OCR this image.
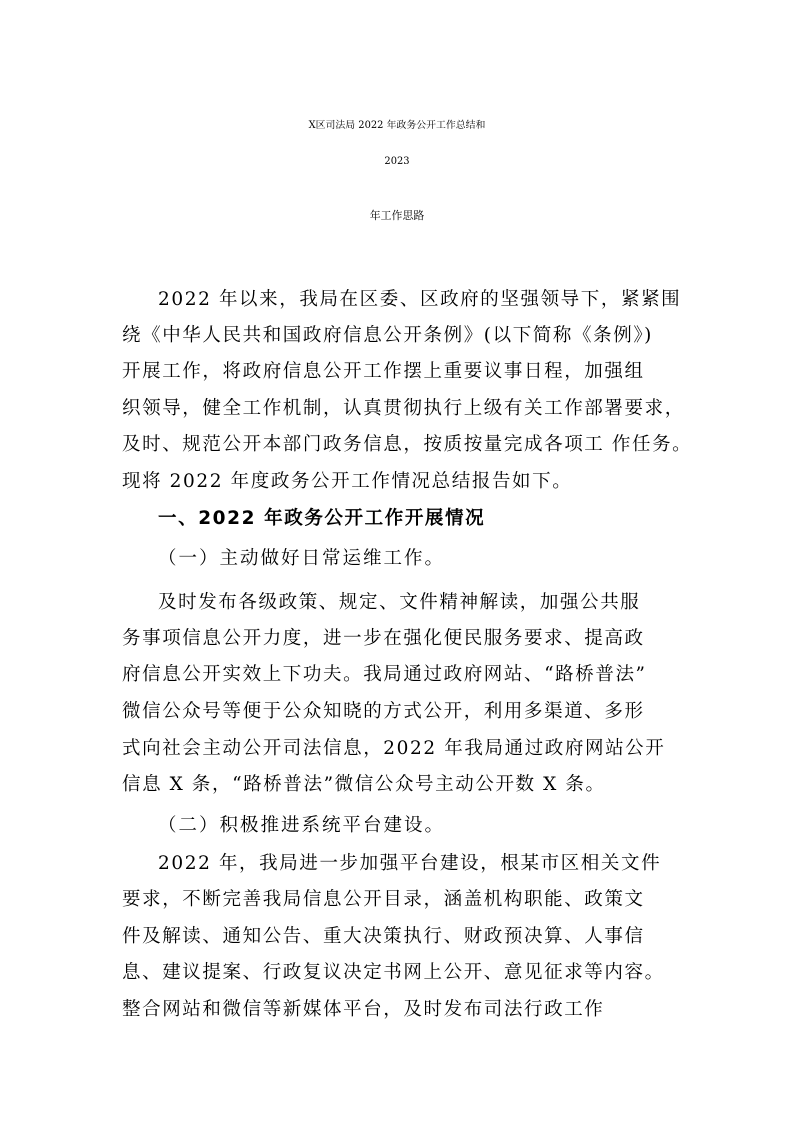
X区司法局 2022 年政务公开工作总结和
2023
年工作思路
2022 年以来，我局在区委、区政府的坚强领导下，紧紧围
绕《中华人民共和国政府信息公开条例》(以下简称《条例》)
开展工作，将政府信息公开工作摆上重要议事日程，加强组
织领导，健全工作机制，认真贯彻执行上级有关工作部署要求，
及时、规范公开本部门政务信息，按质按量完成各项工 作任务。
现将 2022 年度政务公开工作情况总结报告如下。
一、2022 年政务公开工作开展情况
（一）主动做好日常运维工作。
及时发布各级政策、规定、文件精神解读，加强公共服
务事项信息公开力度，进一步在强化便民服务要求、提高政
府信息公开实效上下功夫。我局通过政府网站、“路桥普法”
微信公众号等便于公众知晓的方式公开，利用多渠道、多形
式向社会主动公开司法信息，2022 年我局通过政府网站公开
信息 X 条，“路桥普法”微信公众号主动公开数 X 条。
（二）积极推进系统平台建设。
2022 年，我局进一步加强平台建设，根某市区相关文件
要求，不断完善我局信息公开目录，涵盖机构职能、政策文
件及解读、通知公告、重大决策执行、财政预决算、人事信
息、建议提案、行政复议决定书网上公开、意见征求等内容。
整合网站和微信等新媒体平台，及时发布司法行政工作
